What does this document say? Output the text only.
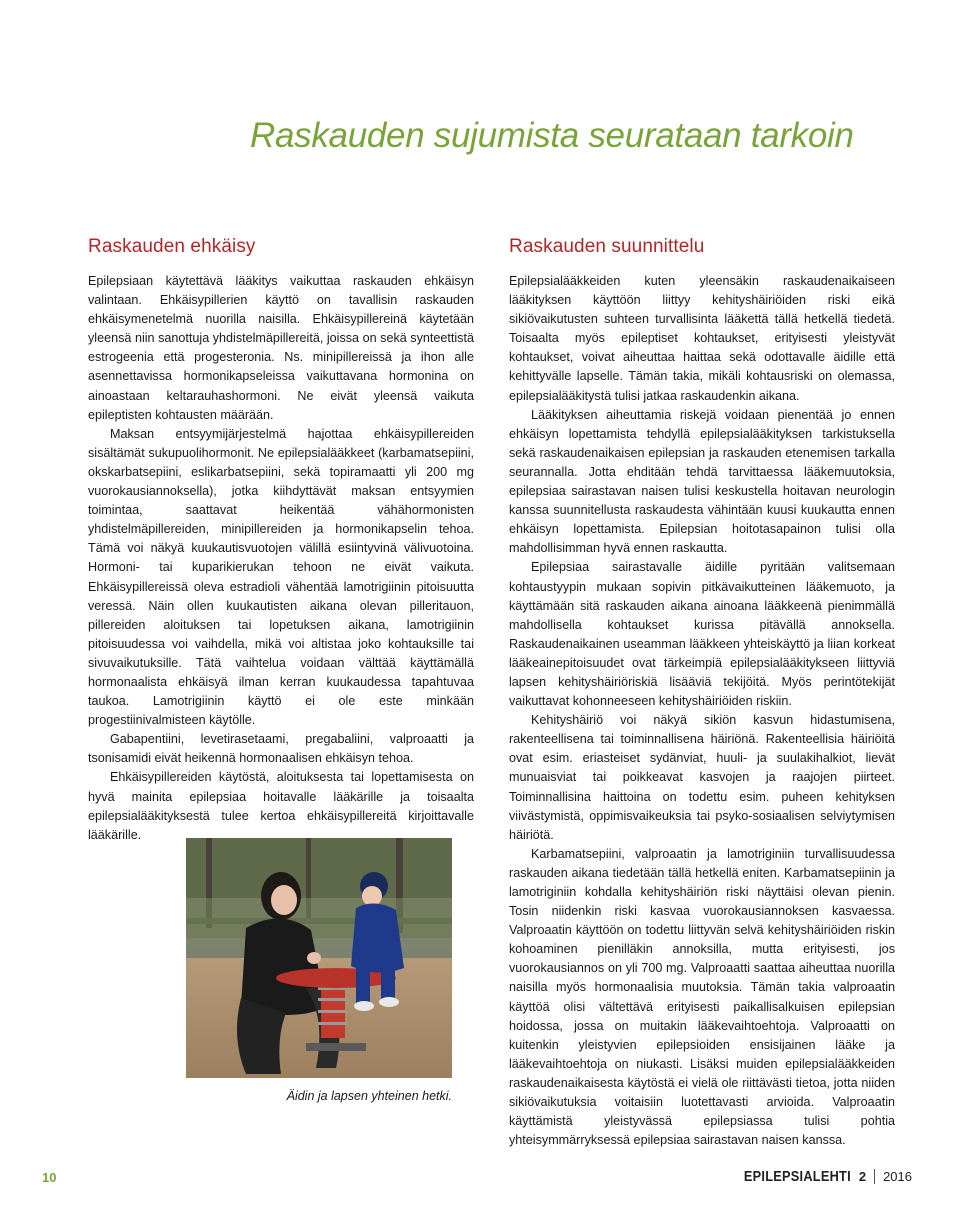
Raskauden sujumista seurataan tarkoin
Raskauden ehkäisy

Epilepsiaan käytettävä lääkitys vaikuttaa raskauden ehkäisyn valintaan. Ehkäisypillerien käyttö on tavallisin raskauden ehkäisymenetelmä nuorilla naisilla. Ehkäisypillereinä käytetään yleensä niin sanottuja yhdistelmäpillereitä, joissa on sekä synteettistä estrogeenia että progesteronia. Ns. minipillereissä ja ihon alle asennettavissa hormonikapseleissa vaikuttavana hormonina on ainoastaan keltarauhashormoni. Ne eivät yleensä vaikuta epileptisten kohtausten määrään.

Maksan entsyymijärjestelmä hajottaa ehkäisypillereiden sisältämät sukupuolihormonit. Ne epilepsialääkkeet (karbamatsepiini, okskarbatsepiini, eslikarbatsepiini, sekä topiramaatti yli 200 mg vuorokausiannoksella), jotka kiihdyttävät maksan entsyymien toimintaa, saattavat heikentää vähähormonisten yhdistelmäpillereiden, minipillereiden ja hormonikapselin tehoa. Tämä voi näkyä kuukautisvuotojen välillä esiintyvinä välivuotoina. Hormoni- tai kuparikierukan tehoon ne eivät vaikuta. Ehkäisypillereissä oleva estradioli vähentää lamotrigiinin pitoisuutta veressä. Näin ollen kuukautisten aikana olevan pilleritauon, pillereiden aloituksen tai lopetuksen aikana, lamotrigiinin pitoisuudessa voi vaihdella, mikä voi altistaa joko kohtauksille tai sivuvaikutuksille. Tätä vaihtelua voidaan välttää käyttämällä hormonaalista ehkäisyä ilman kerran kuukaudessa tapahtuvaa taukoa. Lamotrigiinin käyttö ei ole este minkään progestiinivalmisteen käytölle.

Gabapentiini, levetirasetaami, pregabaliini, valproaatti ja tsonisamidi eivät heikennä hormonaalisen ehkäisyn tehoa.

Ehkäisypillereiden käytöstä, aloituksesta tai lopettamisesta on hyvä mainita epilepsiaa hoitavalle lääkärille ja toisaalta epilepsialääkityksestä tulee kertoa ehkäisypillereitä kirjoittavalle lääkärille.

Äidin ja lapsen yhteinen hetki.
Raskauden suunnittelu

Epilepsialääkkeiden kuten yleensäkin raskaudenaikaiseen lääkityksen käyttöön liittyy kehityshäiriöiden riski eikä sikiövaikutusten suhteen turvallisinta lääkettä tällä hetkellä tiedetä. Toisaalta myös epileptiset kohtaukset, erityisesti yleistyvät kohtaukset, voivat aiheuttaa haittaa sekä odottavalle äidille että kehittyvälle lapselle. Tämän takia, mikäli kohtausriski on olemassa, epilepsialääkitystä tulisi jatkaa raskaudenkin aikana.

Lääkityksen aiheuttamia riskejä voidaan pienentää jo ennen ehkäisyn lopettamista tehdyllä epilepsialääkityksen tarkistuksella sekä raskaudenaikaisen epilepsian ja raskauden etenemisen tarkalla seurannalla. Jotta ehditään tehdä tarvittaessa lääkemuutoksia, epilepsiaa sairastavan naisen tulisi keskustella hoitavan neurologin kanssa suunnitellusta raskaudesta vähintään kuusi kuukautta ennen ehkäisyn lopettamista. Epilepsian hoitotasapainon tulisi olla mahdollisimman hyvä ennen raskautta.

Epilepsiaa sairastavalle äidille pyritään valitsemaan kohtaustyypin mukaan sopivin pitkävaikutteinen lääkemuoto, ja käyttämään sitä raskauden aikana ainoana lääkkeenä pienimmällä mahdollisella kohtaukset kurissa pitävällä annoksella. Raskaudenaikainen useamman lääkkeen yhteiskäyttö ja liian korkeat lääkeainepitoisuudet ovat tärkeimpiä epilepsialääkitykseen liittyviä lapsen kehityshäiriöriskiä lisääviä tekijöitä. Myös perintötekijät vaikuttavat kohonneeseen kehityshäiriöiden riskiin.

Kehityshäiriö voi näkyä sikiön kasvun hidastumisena, rakenteellisena tai toiminnallisena häiriönä. Rakenteellisia häiriöitä ovat esim. eriasteiset sydänviat, huuli- ja suulakihalkiot, lievät munuaisviat tai poikkeavat kasvojen ja raajojen piirteet. Toiminnallisina haittoina on todettu esim. puheen kehityksen viivästymistä, oppimisvaikeuksia tai psyko-sosiaalisen selviytymisen häiriötä.

Karbamatsepiini, valproaatin ja lamotriginiin turvallisuudessa raskauden aikana tiedetään tällä hetkellä eniten. Karbamatsepiinin ja lamotriginiin kohdalla kehityshäiriön riski näyttäisi olevan pienin. Tosin niidenkin riski kasvaa vuorokausiannoksen kasvaessa. Valproaatin käyttöön on todettu liittyvän selvä kehityshäiriöiden riskin kohoaminen pienilläkin annoksilla, mutta erityisesti, jos vuorokausiannos on yli 700 mg. Valproaatti saattaa aiheuttaa nuorilla naisilla myös hormonaalisia muutoksia. Tämän takia valproaatin käyttöä olisi vältettävä erityisesti paikallisalkuisen epilepsian hoidossa, jossa on muitakin lääkevaihtoehtoja. Valproaatti on kuitenkin yleistyvien epilepsioiden ensisijainen lääke ja lääkevaihtoehtoja on niukasti. Lisäksi muiden epilepsialääkkeiden raskaudenaikaisesta käytöstä ei vielä ole riittävästi tietoa, jotta niiden sikiövaikutuksia voitaisiin luotettavasti arvioida. Valproaatin käyttämistä yleistyvässä epilepsiassa tulisi pohtia yhteisymmärryksessä epilepsiaa sairastavan naisen kanssa.

10	EPILEPSIALEHTI 2 2016
